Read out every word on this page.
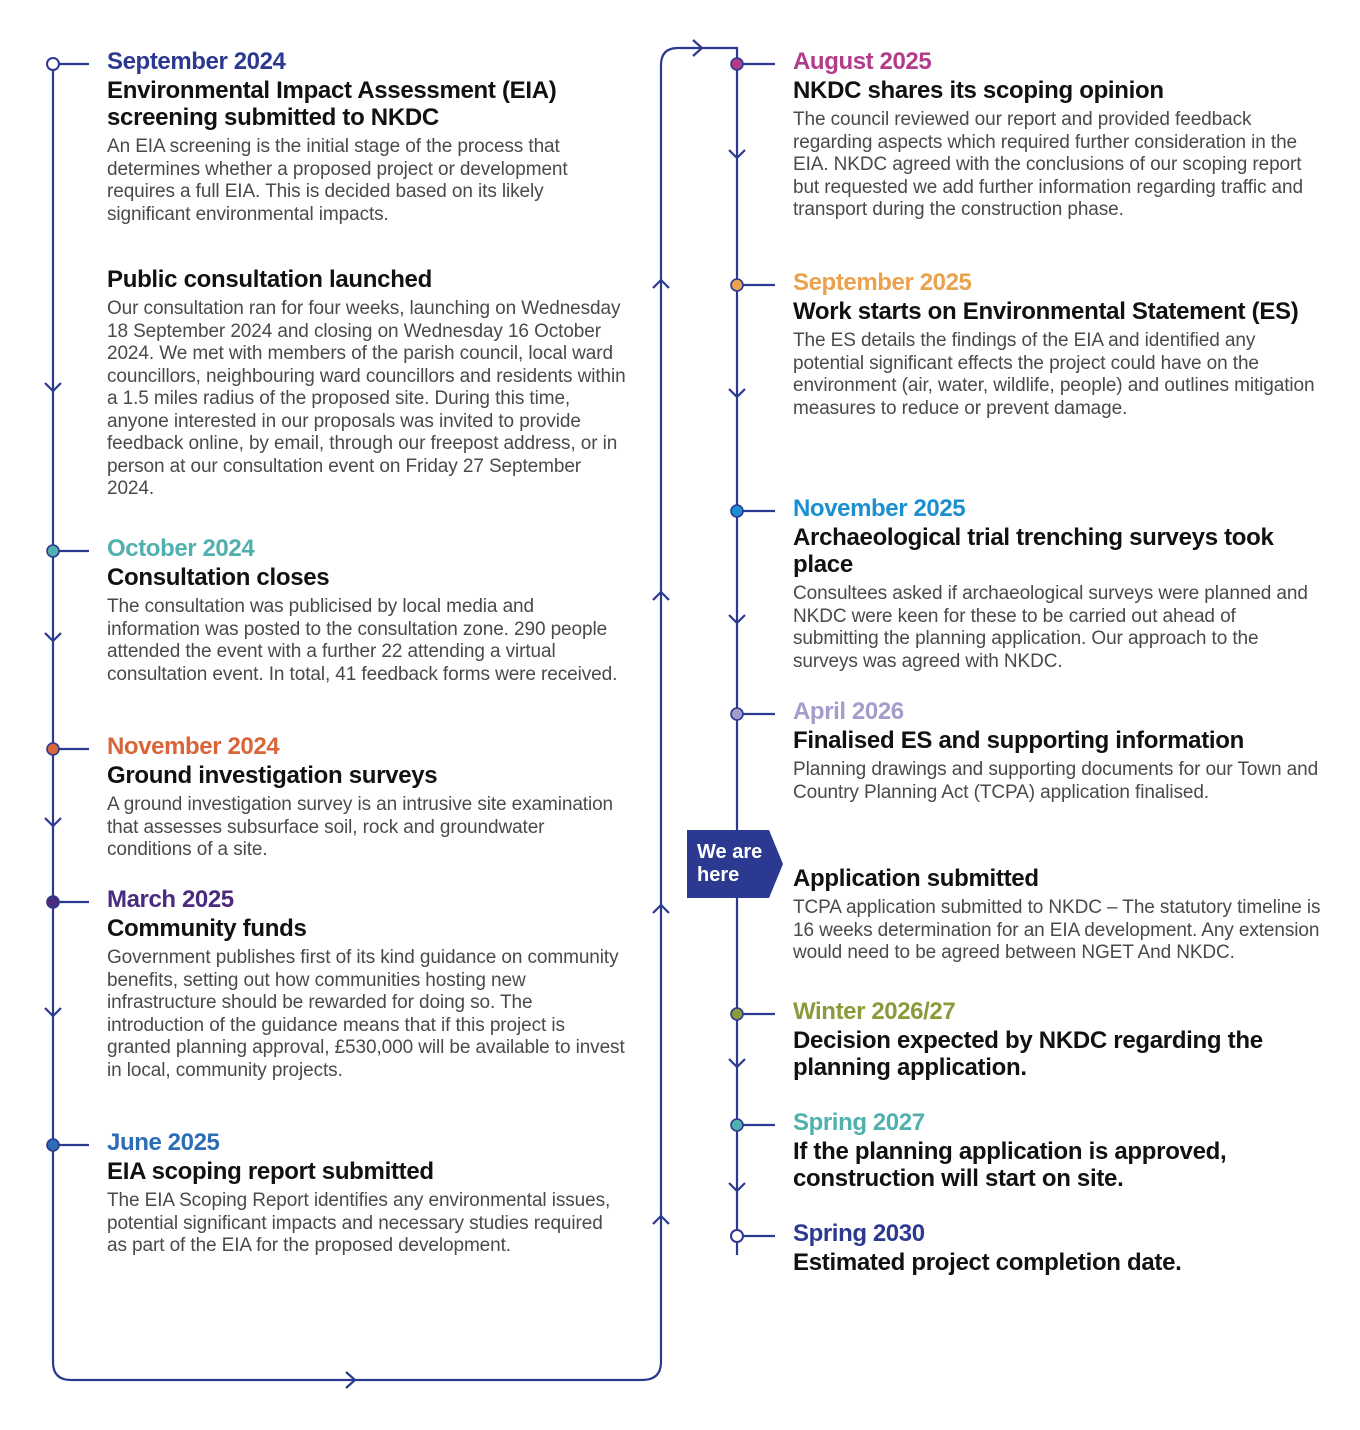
September 2024
Environmental Impact Assessment (EIA) screening submitted to NKDC
An EIA screening is the initial stage of the process that determines whether a proposed project or development requires a full EIA. This is decided based on its likely significant environmental impacts.
Public consultation launched
Our consultation ran for four weeks, launching on Wednesday 18 September 2024 and closing on Wednesday 16 October 2024. We met with members of the parish council, local ward councillors, neighbouring ward councillors and residents within a 1.5 miles radius of the proposed site. During this time, anyone interested in our proposals was invited to provide feedback online, by email, through our freepost address, or in person at our consultation event on Friday 27 September 2024.
October 2024
Consultation closes
The consultation was publicised by local media and information was posted to the consultation zone. 290 people attended the event with a further 22 attending a virtual consultation event. In total, 41 feedback forms were received.
November 2024
Ground investigation surveys
A ground investigation survey is an intrusive site examination that assesses subsurface soil, rock and groundwater conditions of a site.
March 2025
Community funds
Government publishes first of its kind guidance on community benefits, setting out how communities hosting new infrastructure should be rewarded for doing so. The introduction of the guidance means that if this project is granted planning approval, £530,000 will be available to invest in local, community projects.
June 2025
EIA scoping report submitted
The EIA Scoping Report identifies any environmental issues, potential significant impacts and necessary studies required as part of the EIA for the proposed development.
August 2025
NKDC shares its scoping opinion
The council reviewed our report and provided feedback regarding aspects which required further consideration in the EIA. NKDC agreed with the conclusions of our scoping report but requested we add further information regarding traffic and transport during the construction phase.
September 2025
Work starts on Environmental Statement (ES)
The ES details the findings of the EIA and identified any potential significant effects the project could have on the environment (air, water, wildlife, people) and outlines mitigation measures to reduce or prevent damage.
November 2025
Archaeological trial trenching surveys took place
Consultees asked if archaeological surveys were planned and NKDC were keen for these to be carried out ahead of submitting the planning application. Our approach to the surveys was agreed with NKDC.
April 2026
Finalised ES and supporting information
Planning drawings and supporting documents for our Town and Country Planning Act (TCPA) application finalised.
Application submitted
TCPA application submitted to NKDC – The statutory timeline is 16 weeks determination for an EIA development. Any extension would need to be agreed between NGET And NKDC.
Winter 2026/27
Decision expected by NKDC regarding the planning application.
Spring 2027
If the planning application is approved, construction will start on site.
Spring 2030
Estimated project completion date.
We are
here
